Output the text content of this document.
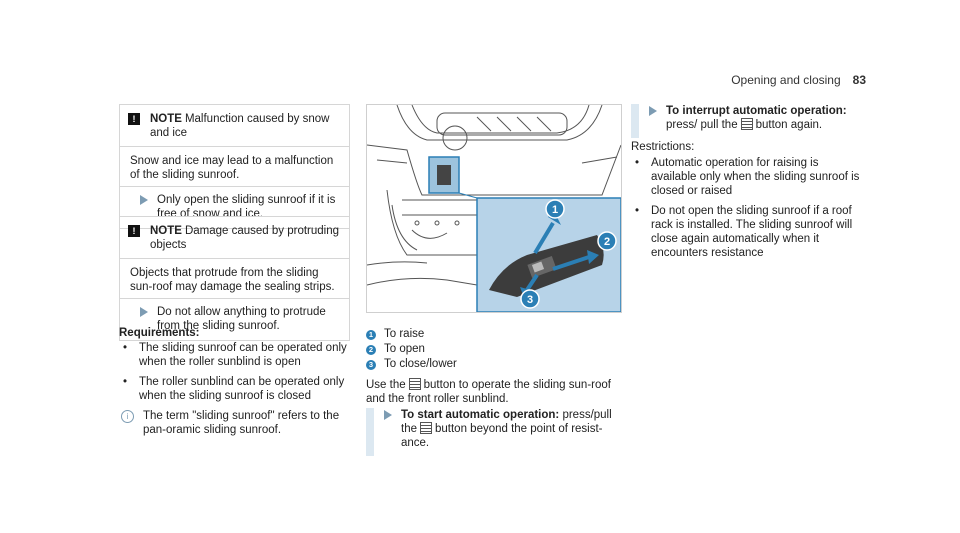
Opening and closing 83
!	NOTE Malfunction caused by snow and ice
Snow and ice may lead to a malfunction of the sliding sunroof.
Only open the sliding sunroof if it is free of snow and ice.
!	NOTE Damage caused by protruding objects
Objects that protrude from the sliding sun-roof may damage the sealing strips.
Do not allow anything to protrude from the sliding sunroof.
Requirements:
•	The sliding sunroof can be operated only when the roller sunblind is open
•	The roller sunblind can be operated only when the sliding sunroof is closed
i	The term "sliding sunroof" refers to the pan-oramic sliding sunroof.
1
2
3
1 To raise
2 To open
3 To close/lower
Use the button to operate the sliding sun-roof and the front roller sunblind.
To start automatic operation: press/pull the button beyond the point of resist-ance.
To interrupt automatic operation: press/ pull the button again.
Restrictions:
•	Automatic operation for raising is available only when the sliding sunroof is closed or raised
•	Do not open the sliding sunroof if a roof rack is installed. The sliding sunroof will close again automatically when it encounters resistance
